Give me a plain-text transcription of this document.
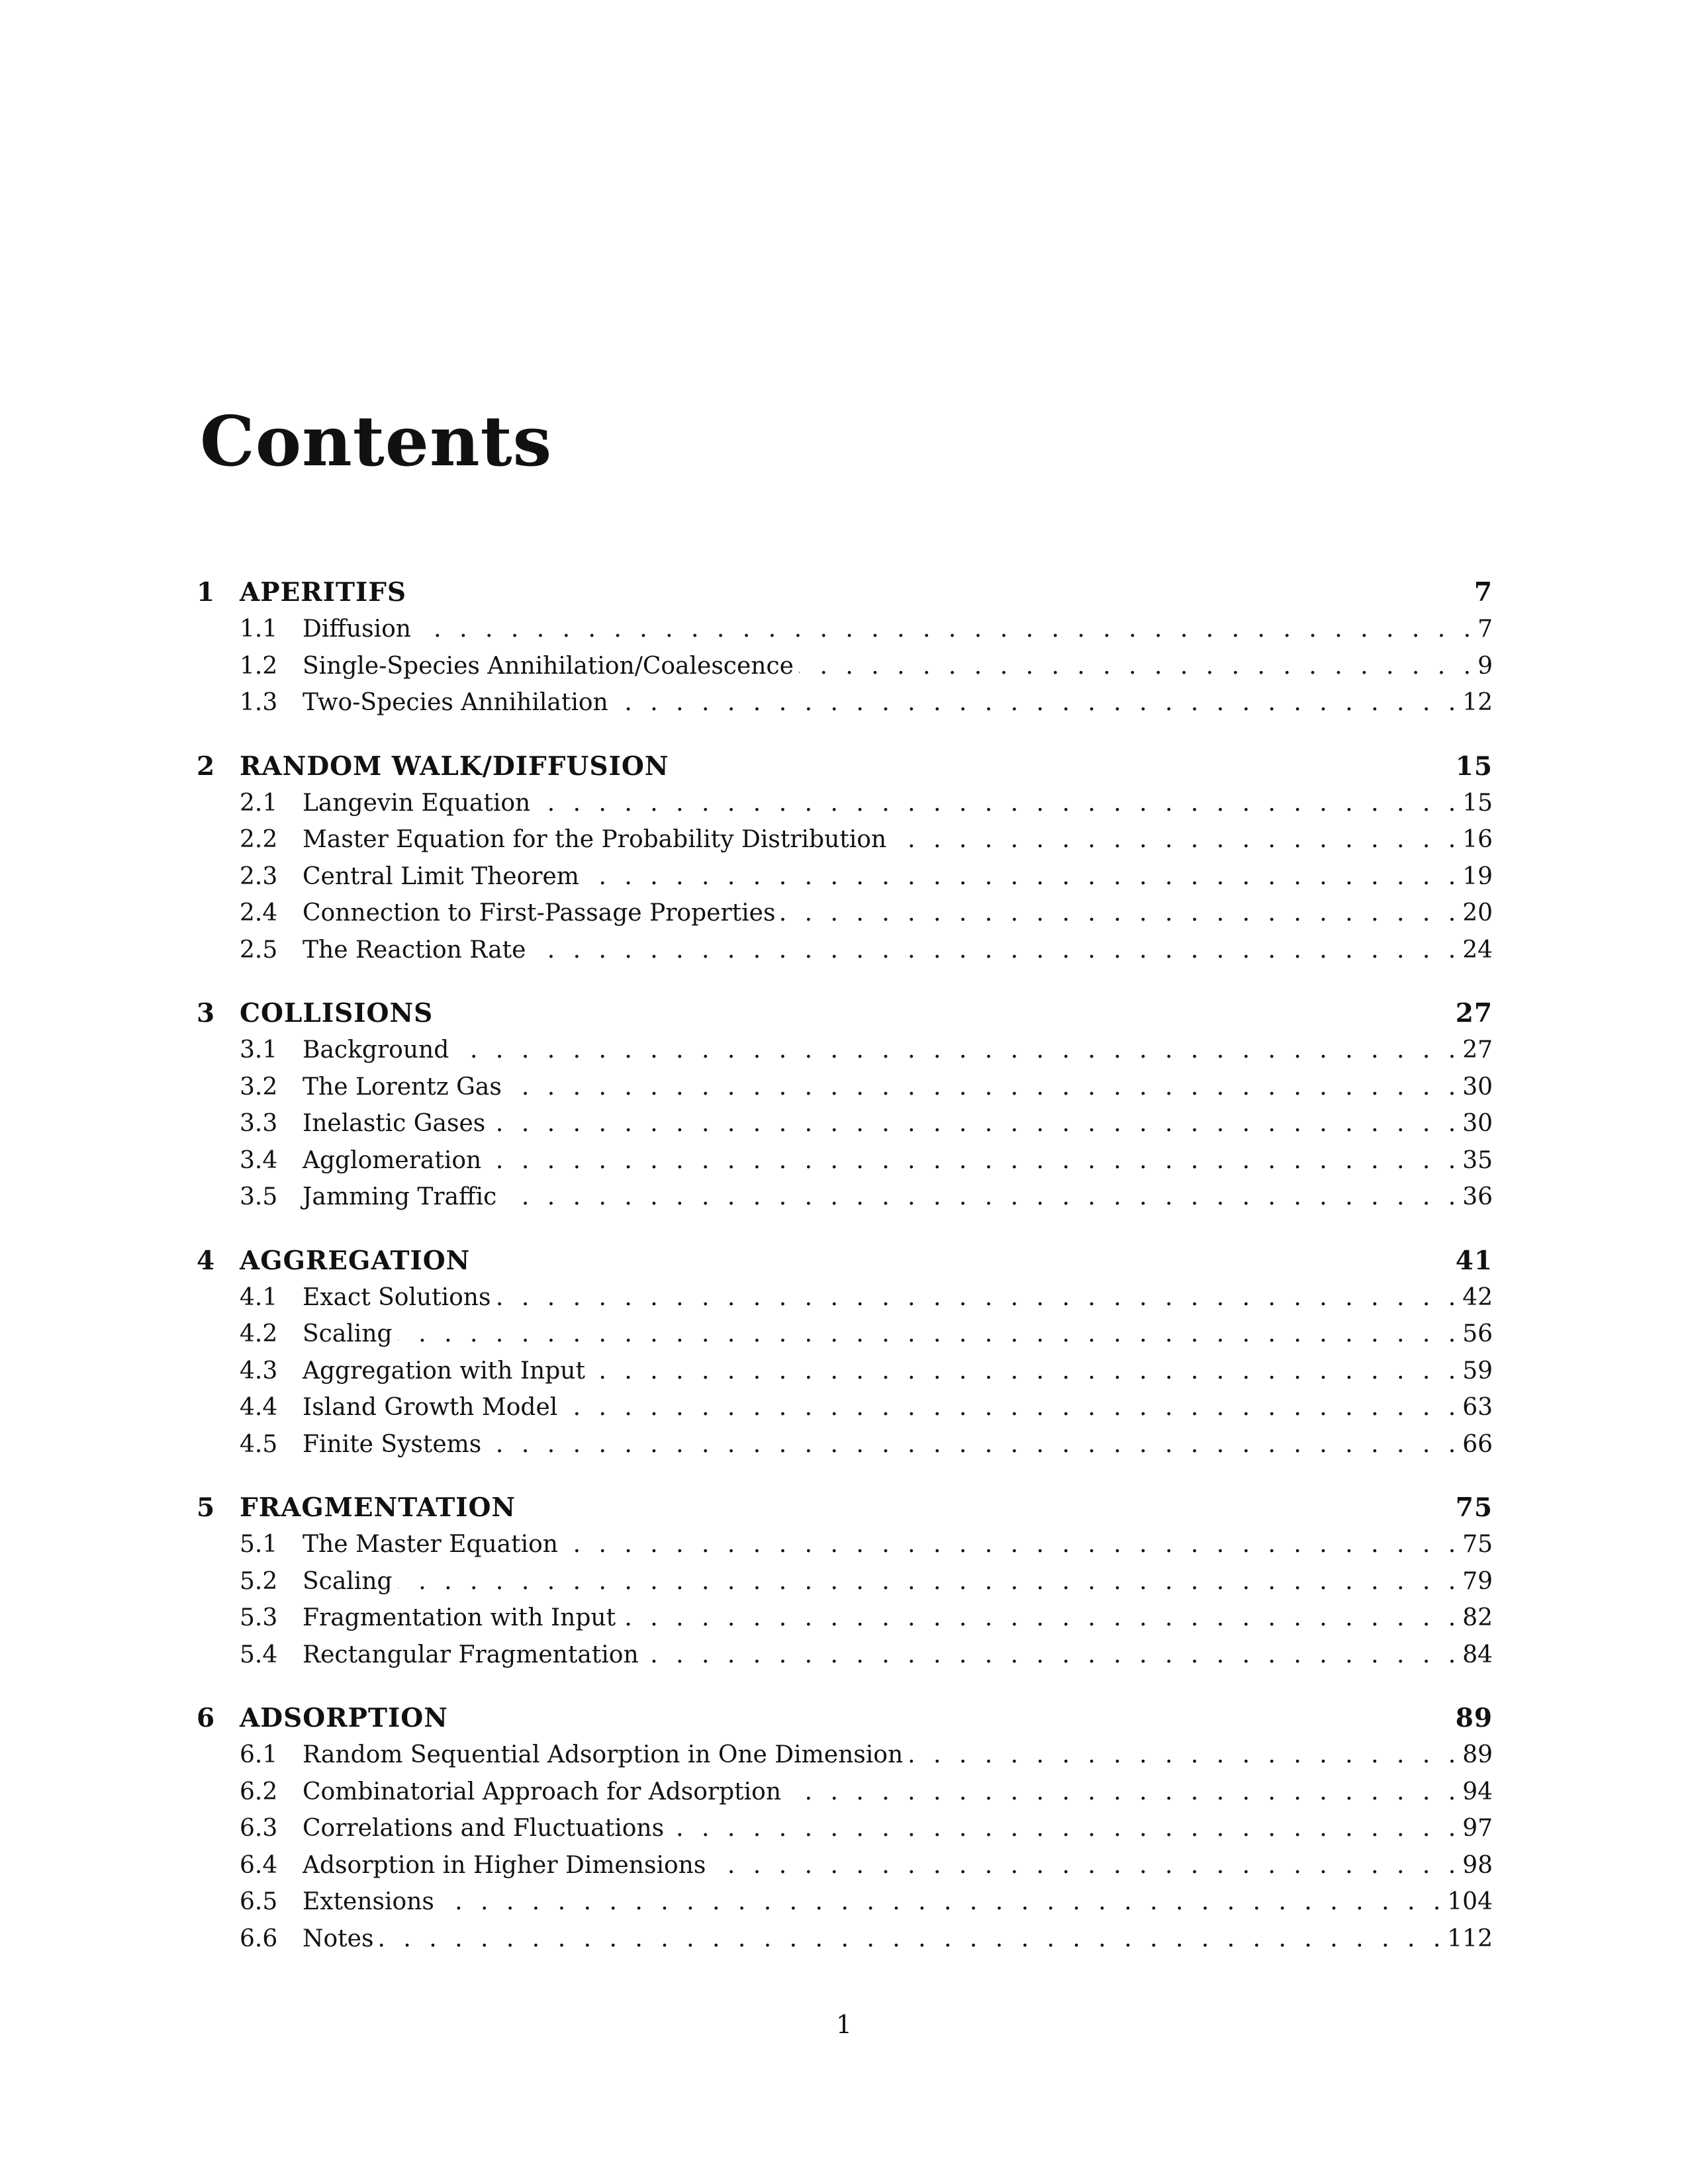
Contents
1 APERITIFS	7
1.1	Diffusion . . .	7
1.2	Single-Species Annihilation/Coalescence . . .	9
1.3	Two-Species Annihilation . . .	12
2 RANDOM WALK/DIFFUSION	15
2.1	Langevin Equation . . .	15
2.2	Master Equation for the Probability Distribution . . .	16
2.3	Central Limit Theorem . . .	19
2.4	Connection to First-Passage Properties . . .	20
2.5	The Reaction Rate . . .	24
3 COLLISIONS	27
3.1	Background . . .	27
3.2	The Lorentz Gas . . .	30
3.3	Inelastic Gases . . .	30
3.4	Agglomeration . . .	35
3.5	Jamming Traffic . . .	36
4 AGGREGATION	41
4.1	Exact Solutions . . .	42
4.2	Scaling . . .	56
4.3	Aggregation with Input . . .	59
4.4	Island Growth Model . . .	63
4.5	Finite Systems . . .	66
5 FRAGMENTATION	75
5.1	The Master Equation . . .	75
5.2	Scaling . . .	79
5.3	Fragmentation with Input . . .	82
5.4	Rectangular Fragmentation . . .	84
6 ADSORPTION	89
6.1	Random Sequential Adsorption in One Dimension . . .	89
6.2	Combinatorial Approach for Adsorption . . .	94
6.3	Correlations and Fluctuations . . .	97
6.4	Adsorption in Higher Dimensions . . .	98
6.5	Extensions . . .	104
6.6	Notes . . .	112
1
